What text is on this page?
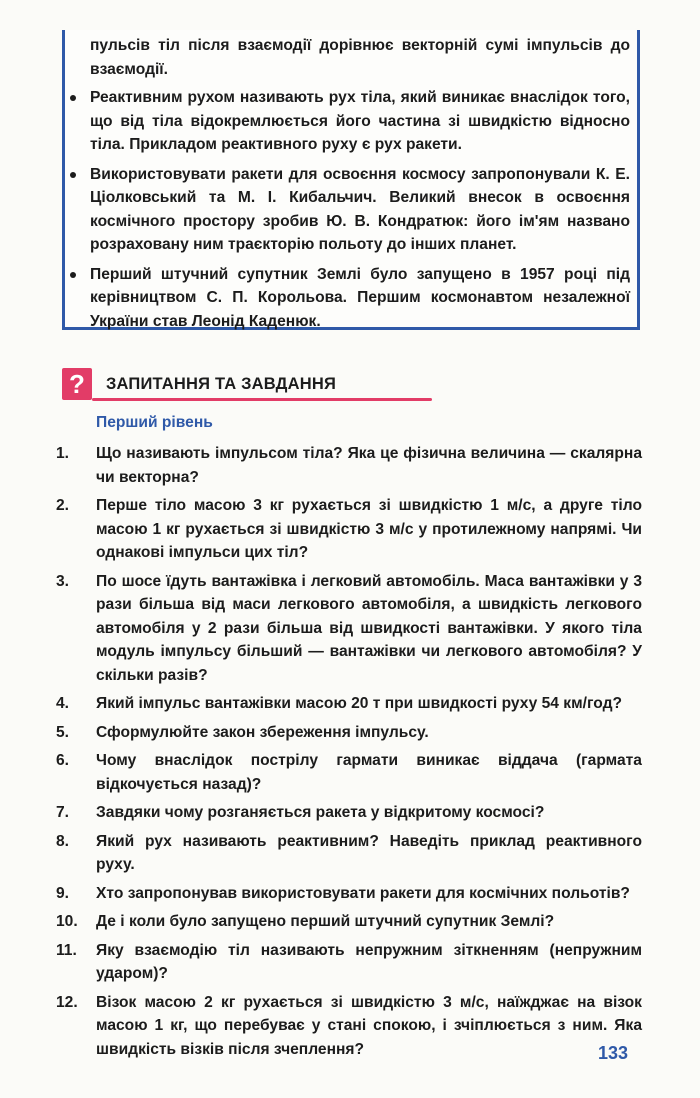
пульсів тіл після взаємодії дорівнює векторній сумі імпульсів до взаємодії.

Реактивним рухом називають рух тіла, який виникає внаслідок того, що від тіла відокремлюється його частина зі швидкістю відносно тіла. Прикладом реактивного руху є рух ракети.
Використовувати ракети для освоєння космосу запропонували К. Е. Ціолковський та М. І. Кибальчич. Великий внесок в освоєння космічного простору зробив Ю. В. Кондратюк: його ім'ям названо розраховану ним траєкторію польоту до інших планет.
Перший штучний супутник Землі було запущено в 1957 році під керівництвом С. П. Корольова. Першим космонавтом незалежної України став Леонід Каденюк.
?	ЗАПИТАННЯ ТА ЗАВДАННЯ
Перший рівень
1.	Що називають імпульсом тіла? Яка це фізична величина — скалярна чи векторна?
2.	Перше тіло масою 3 кг рухається зі швидкістю 1 м/с, а друге тіло масою 1 кг рухається зі швидкістю 3 м/с у протилежному напрямі. Чи однакові імпульси цих тіл?
3.	По шосе їдуть вантажівка і легковий автомобіль. Маса вантажівки у 3 рази більша від маси легкового автомобіля, а швидкість легкового автомобіля у 2 рази більша від швидкості вантажівки. У якого тіла модуль імпульсу більший — вантажівки чи легкового автомобіля? У скільки разів?
4.	Який імпульс вантажівки масою 20 т при швидкості руху 54 км/год?
5.	Сформулюйте закон збереження імпульсу.
6.	Чому внаслідок пострілу гармати виникає віддача (гармата відкочується назад)?
7.	Завдяки чому розганяється ракета у відкритому космосі?
8.	Який рух називають реактивним? Наведіть приклад реактивного руху.
9.	Хто запропонував використовувати ракети для космічних польотів?
10.	Де і коли було запущено перший штучний супутник Землі?
11.	Яку взаємодію тіл називають непружним зіткненням (непружним ударом)?
12.	Візок масою 2 кг рухається зі швидкістю 3 м/с, наїжджає на візок масою 1 кг, що перебуває у стані спокою, і зчіплюється з ним. Яка швидкість візків після зчеплення?	133
